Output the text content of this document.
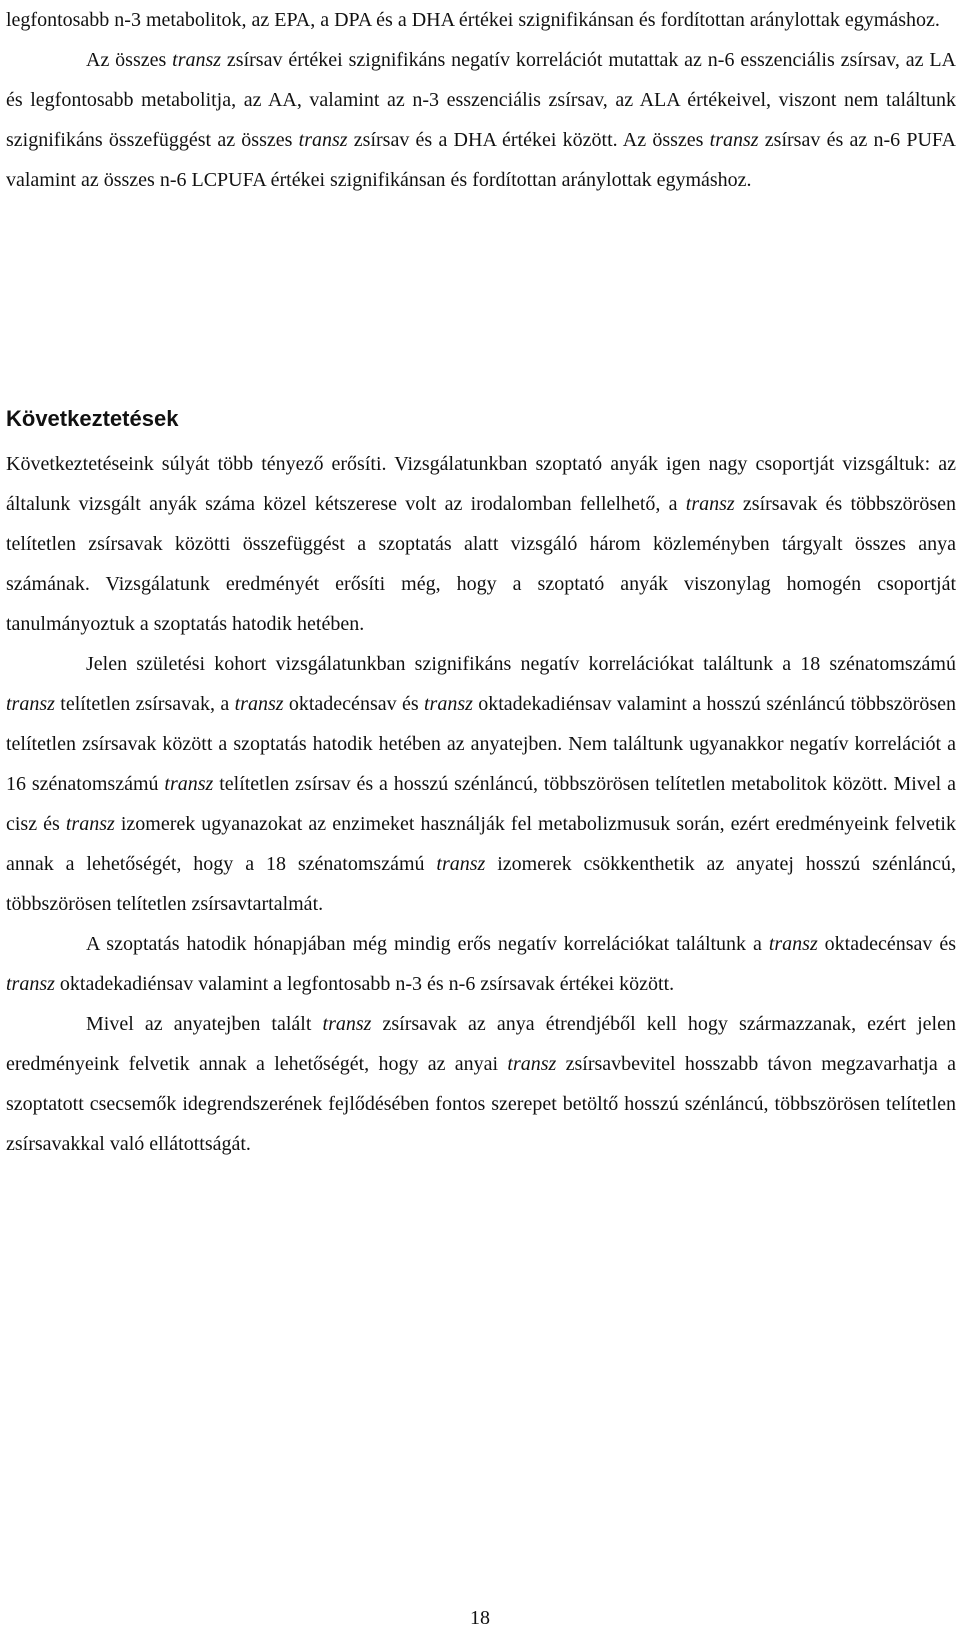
legfontosabb n-3 metabolitok, az EPA, a DPA és a DHA értékei szignifikánsan és fordítottan aránylottak egymáshoz.

Az összes transz zsírsav értékei szignifikáns negatív korrelációt mutattak az n-6 esszenciális zsírsav, az LA és legfontosabb metabolitja, az AA, valamint az n-3 esszenciális zsírsav, az ALA értékeivel, viszont nem találtunk szignifikáns összefüggést az összes transz zsírsav és a DHA értékei között. Az összes transz zsírsav és az n-6 PUFA valamint az összes n-6 LCPUFA értékei szignifikánsan és fordítottan aránylottak egymáshoz.

Következtetések

Következtetéseink súlyát több tényező erősíti. Vizsgálatunkban szoptató anyák igen nagy csoportját vizsgáltuk: az általunk vizsgált anyák száma közel kétszerese volt az irodalomban fellelhető, a transz zsírsavak és többszörösen telítetlen zsírsavak közötti összefüggést a szoptatás alatt vizsgáló három közleményben tárgyalt összes anya számának. Vizsgálatunk eredményét erősíti még, hogy a szoptató anyák viszonylag homogén csoportját tanulmányoztuk a szoptatás hatodik hetében.

Jelen születési kohort vizsgálatunkban szignifikáns negatív korrelációkat találtunk a 18 szénatomszámú transz telítetlen zsírsavak, a transz oktadecénsav és transz oktadekadiénsav valamint a hosszú szénláncú többszörösen telítetlen zsírsavak között a szoptatás hatodik hetében az anyatejben. Nem találtunk ugyanakkor negatív korrelációt a 16 szénatomszámú transz telítetlen zsírsav és a hosszú szénláncú, többszörösen telítetlen metabolitok között. Mivel a cisz és transz izomerek ugyanazokat az enzimeket használják fel metabolizmusuk során, ezért eredményeink felvetik annak a lehetőségét, hogy a 18 szénatomszámú transz izomerek csökkenthetik az anyatej hosszú szénláncú, többszörösen telítetlen zsírsavtartalmát.

A szoptatás hatodik hónapjában még mindig erős negatív korrelációkat találtunk a transz oktadecénsav és transz oktadekadiénsav valamint a legfontosabb n-3 és n-6 zsírsavak értékei között.

Mivel az anyatejben talált transz zsírsavak az anya étrendjéből kell hogy származzanak, ezért jelen eredményeink felvetik annak a lehetőségét, hogy az anyai transz zsírsavbevitel hosszabb távon megzavarhatja a szoptatott csecsemők idegrendszerének fejlődésében fontos szerepet betöltő hosszú szénláncú, többszörösen telítetlen zsírsavakkal való ellátottságát.

18
